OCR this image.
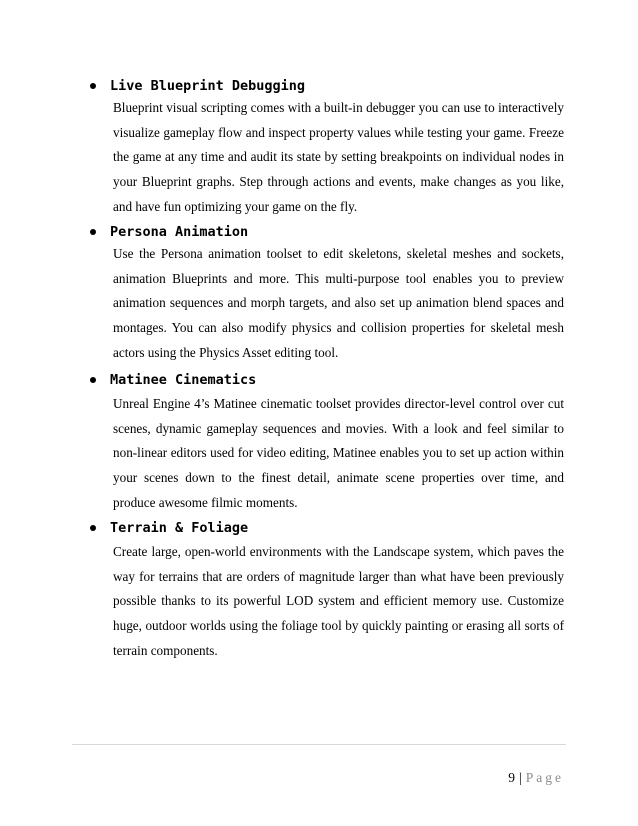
Live Blueprint Debugging

Blueprint visual scripting comes with a built-in debugger you can use to interactively visualize gameplay flow and inspect property values while testing your game. Freeze the game at any time and audit its state by setting breakpoints on individual nodes in your Blueprint graphs. Step through actions and events, make changes as you like, and have fun optimizing your game on the fly.

Persona Animation

Use the Persona animation toolset to edit skeletons, skeletal meshes and sockets, animation Blueprints and more. This multi-purpose tool enables you to preview animation sequences and morph targets, and also set up animation blend spaces and montages. You can also modify physics and collision properties for skeletal mesh actors using the Physics Asset editing tool.

Matinee Cinematics

Unreal Engine 4’s Matinee cinematic toolset provides director-level control over cut scenes, dynamic gameplay sequences and movies. With a look and feel similar to non-linear editors used for video editing, Matinee enables you to set up action within your scenes down to the finest detail, animate scene properties over time, and produce awesome filmic moments.

Terrain & Foliage

Create large, open-world environments with the Landscape system, which paves the way for terrains that are orders of magnitude larger than what have been previously possible thanks to its powerful LOD system and efficient memory use. Customize huge, outdoor worlds using the foliage tool by quickly painting or erasing all sorts of terrain components.

9 | Page
